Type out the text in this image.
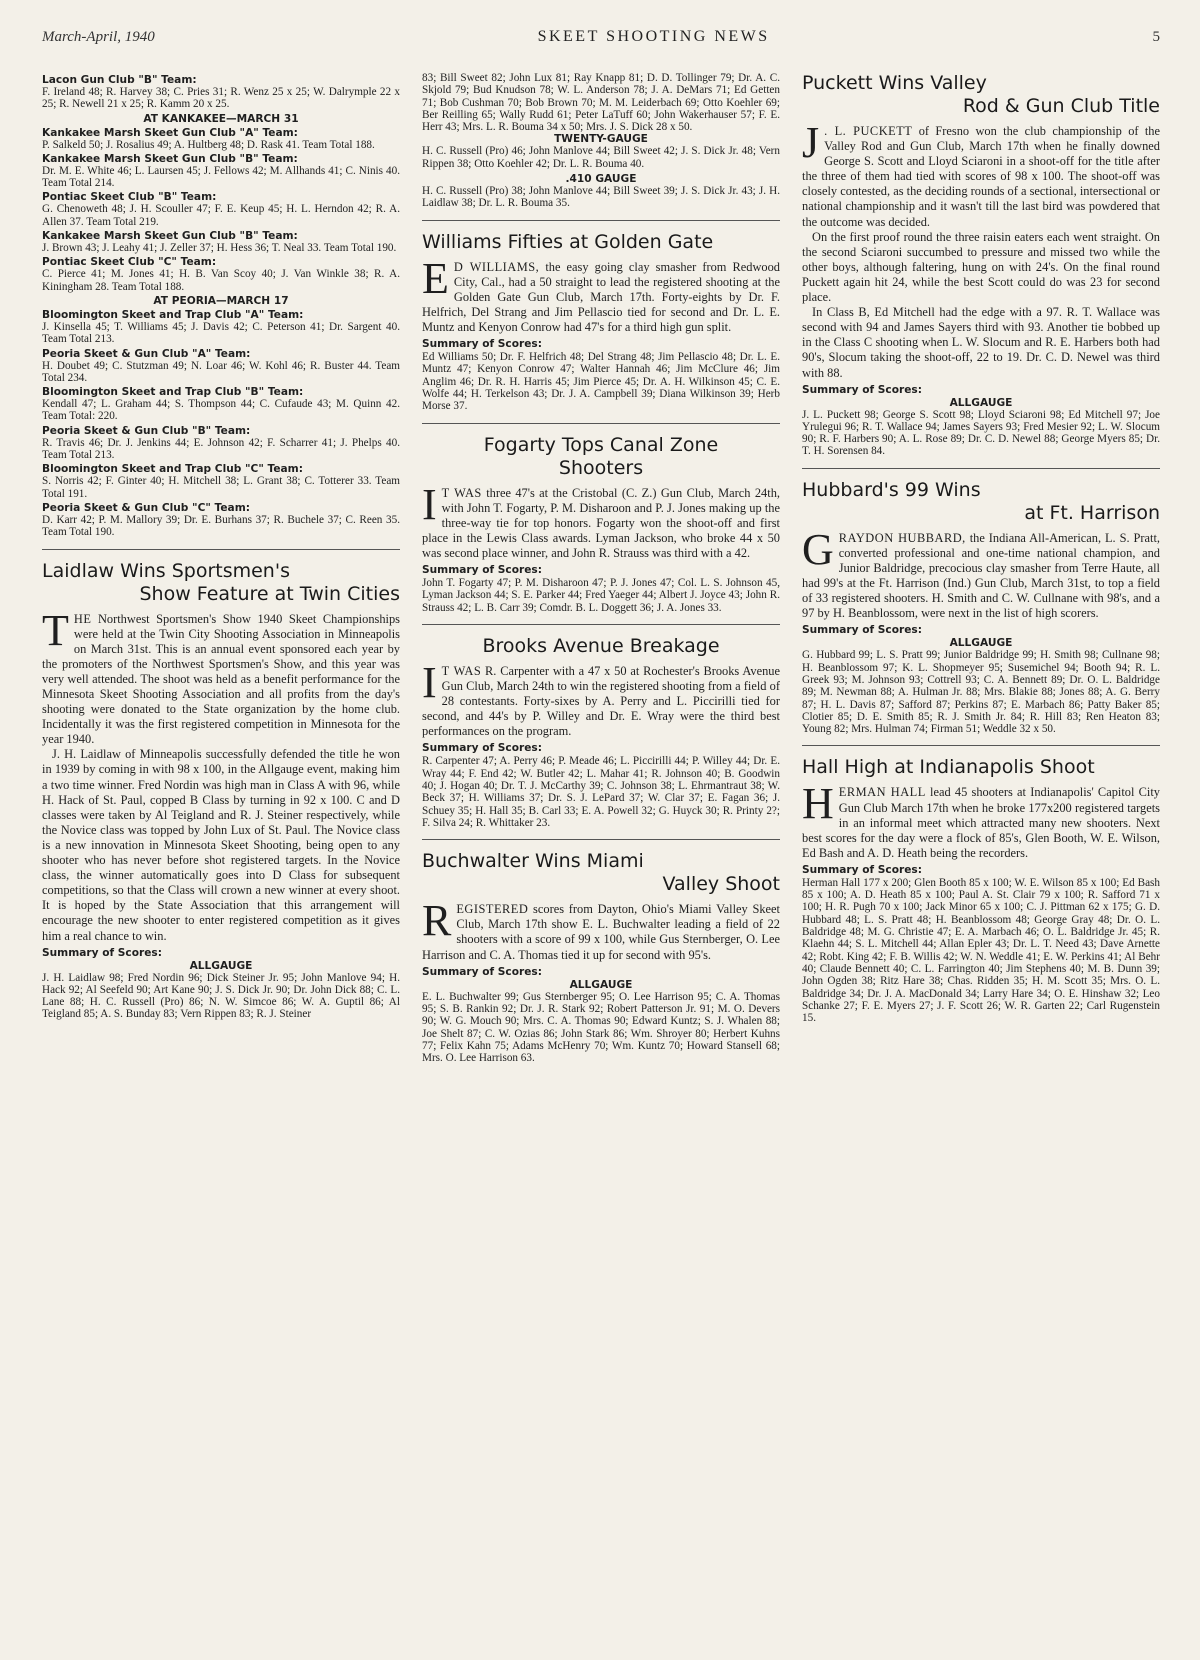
March-April, 1940	SKEET SHOOTING NEWS	5
Lacon Gun Club "B" Team:
F. Ireland 48; R. Harvey 38; C. Pries 31; R. Wenz 25 x 25; W. Dalrymple 22 x 25; R. Newell 21 x 25; R. Kamm 20 x 25.
AT KANKAKEE—MARCH 31
Kankakee Marsh Skeet Gun Club "A" Team:
P. Salkeld 50; J. Rosalius 49; A. Hultberg 48; D. Rask 41. Team Total 188.
Kankakee Marsh Skeet Gun Club "B" Team:
Dr. M. E. White 46; L. Laursen 45; J. Fellows 42; M. Allhands 41; C. Ninis 40. Team Total 214.
Pontiac Skeet Club "B" Team:
G. Chenoweth 48; J. H. Scouller 47; F. E. Keup 45; H. L. Herndon 42; R. A. Allen 37. Team Total 219.
Kankakee Marsh Skeet Gun Club "B" Team:
J. Brown 43; J. Leahy 41; J. Zeller 37; H. Hess 36; T. Neal 33. Team Total 190.
Pontiac Skeet Club "C" Team:
C. Pierce 41; M. Jones 41; H. B. Van Scoy 40; J. Van Winkle 38; R. A. Kiningham 28. Team Total 188.
AT PEORIA—MARCH 17
Bloomington Skeet and Trap Club "A" Team:
J. Kinsella 45; T. Williams 45; J. Davis 42; C. Peterson 41; Dr. Sargent 40. Team Total 213.
Peoria Skeet & Gun Club "A" Team:
H. Doubet 49; C. Stutzman 49; N. Loar 46; W. Kohl 46; R. Buster 44. Team Total 234.
Bloomington Skeet and Trap Club "B" Team:
Kendall 47; L. Graham 44; S. Thompson 44; C. Cufaude 43; M. Quinn 42. Team Total: 220.
Peoria Skeet & Gun Club "B" Team:
R. Travis 46; Dr. J. Jenkins 44; E. Johnson 42; F. Scharrer 41; J. Phelps 40. Team Total 213.
Bloomington Skeet and Trap Club "C" Team:
S. Norris 42; F. Ginter 40; H. Mitchell 38; L. Grant 38; C. Totterer 33. Team Total 191.
Peoria Skeet & Gun Club "C" Team:
D. Karr 42; P. M. Mallory 39; Dr. E. Burhans 37; R. Buchele 37; C. Reen 35. Team Total 190.
Laidlaw Wins Sportsmen's
Show Feature at Twin Cities

THE Northwest Sportsmen's Show 1940 Skeet Championships were held at the Twin City Shooting Association in Minneapolis on March 31st. This is an annual event sponsored each year by the promoters of the Northwest Sportsmen's Show, and this year was very well attended. The shoot was held as a benefit performance for the Minnesota Skeet Shooting Association and all profits from the day's shooting were donated to the State organization by the home club. Incidentally it was the first registered competition in Minnesota for the year 1940.

J. H. Laidlaw of Minneapolis successfully defended the title he won in 1939 by coming in with 98 x 100, in the Allgauge event, making him a two time winner. Fred Nordin was high man in Class A with 96, while H. Hack of St. Paul, copped B Class by turning in 92 x 100. C and D classes were taken by Al Teigland and R. J. Steiner respectively, while the Novice class was topped by John Lux of St. Paul. The Novice class is a new innovation in Minnesota Skeet Shooting, being open to any shooter who has never before shot registered targets. In the Novice class, the winner automatically goes into D Class for subsequent competitions, so that the Class will crown a new winner at every shoot. It is hoped by the State Association that this arrangement will encourage the new shooter to enter registered competition as it gives him a real chance to win.

Summary of Scores:
ALLGAUGE
J. H. Laidlaw 98; Fred Nordin 96; Dick Steiner Jr. 95; John Manlove 94; H. Hack 92; Al Seefeld 90; Art Kane 90; J. S. Dick Jr. 90; Dr. John Dick 88; C. L. Lane 88; H. C. Russell (Pro) 86; N. W. Simcoe 86; W. A. Guptil 86; Al Teigland 85; A. S. Bunday 83; Vern Rippen 83; R. J. Steiner
83; Bill Sweet 82; John Lux 81; Ray Knapp 81; D. D. Tollinger 79; Dr. A. C. Skjold 79; Bud Knudson 78; W. L. Anderson 78; J. A. DeMars 71; Ed Getten 71; Bob Cushman 70; Bob Brown 70; M. M. Leiderbach 69; Otto Koehler 69; Ber Reilling 65; Wally Rudd 61; Peter LaTuff 60; John Wakerhauser 57; F. E. Herr 43; Mrs. L. R. Bouma 34 x 50; Mrs. J. S. Dick 28 x 50.
TWENTY-GAUGE
H. C. Russell (Pro) 46; John Manlove 44; Bill Sweet 42; J. S. Dick Jr. 48; Vern Rippen 38; Otto Koehler 42; Dr. L. R. Bouma 40.
.410 GAUGE
H. C. Russell (Pro) 38; John Manlove 44; Bill Sweet 39; J. S. Dick Jr. 43; J. H. Laidlaw 38; Dr. L. R. Bouma 35.
Williams Fifties at Golden Gate

E D WILLIAMS, the easy going clay smasher from Redwood City, Cal., had a 50 straight to lead the registered shooting at the Golden Gate Gun Club, March 17th. Forty-eights by Dr. F. Helfrich, Del Strang and Jim Pellascio tied for second and Dr. L. E. Muntz and Kenyon Conrow had 47's for a third high gun split.

Summary of Scores:
Ed Williams 50; Dr. F. Helfrich 48; Del Strang 48; Jim Pellascio 48; Dr. L. E. Muntz 47; Kenyon Conrow 47; Walter Hannah 46; Jim McClure 46; Jim Anglim 46; Dr. R. H. Harris 45; Jim Pierce 45; Dr. A. H. Wilkinson 45; C. E. Wolfe 44; H. Terkelson 43; Dr. J. A. Campbell 39; Diana Wilkinson 39; Herb Morse 37.
Fogarty Tops Canal Zone
Shooters

I T WAS three 47's at the Cristobal (C. Z.) Gun Club, March 24th, with John T. Fogarty, P. M. Disharoon and P. J. Jones making up the three-way tie for top honors. Fogarty won the shoot-off and first place in the Lewis Class awards. Lyman Jackson, who broke 44 x 50 was second place winner, and John R. Strauss was third with a 42.

Summary of Scores:
John T. Fogarty 47; P. M. Disharoon 47; P. J. Jones 47; Col. L. S. Johnson 45, Lyman Jackson 44; S. E. Parker 44; Fred Yaeger 44; Albert J. Joyce 43; John R. Strauss 42; L. B. Carr 39; Comdr. B. L. Doggett 36; J. A. Jones 33.
Brooks Avenue Breakage

I T WAS R. Carpenter with a 47 x 50 at Rochester's Brooks Avenue Gun Club, March 24th to win the registered shooting from a field of 28 contestants. Forty-sixes by A. Perry and L. Piccirilli tied for second, and 44's by P. Willey and Dr. E. Wray were the third best performances on the program.

Summary of Scores:
R. Carpenter 47; A. Perry 46; P. Meade 46; L. Piccirilli 44; P. Willey 44; Dr. E. Wray 44; F. End 42; W. Butler 42; L. Mahar 41; R. Johnson 40; B. Goodwin 40; J. Hogan 40; Dr. T. J. McCarthy 39; C. Johnson 38; L. Ehrmantraut 38; W. Beck 37; H. Williams 37; Dr. S. J. LePard 37; W. Clar 37; E. Fagan 36; J. Schuey 35; H. Hall 35; B. Carl 33; E. A. Powell 32; G. Huyck 30; R. Printy 2?; F. Silva 24; R. Whittaker 23.
Buchwalter Wins Miami
Valley Shoot

REGISTERED scores from Dayton, Ohio's Miami Valley Skeet Club, March 17th show E. L. Buchwalter leading a field of 22 shooters with a score of 99 x 100, while Gus Sternberger, O. Lee Harrison and C. A. Thomas tied it up for second with 95's.

Summary of Scores:
ALLGAUGE
E. L. Buchwalter 99; Gus Sternberger 95; O. Lee Harrison 95; C. A. Thomas 95; S. B. Rankin 92; Dr. J. R. Stark 92; Robert Patterson Jr. 91; M. O. Devers 90; W. G. Mouch 90; Mrs. C. A. Thomas 90; Edward Kuntz; S. J. Whalen 88; Joe Shelt 87; C. W. Ozias 86; John Stark 86; Wm. Shroyer 80; Herbert Kuhns 77; Felix Kahn 75; Adams McHenry 70; Wm. Kuntz 70; Howard Stansell 68; Mrs. O. Lee Harrison 63.
Puckett Wins Valley
Rod & Gun Club Title

J . L. PUCKETT of Fresno won the club championship of the Valley Rod and Gun Club, March 17th when he finally downed George S. Scott and Lloyd Sciaroni in a shoot-off for the title after the three of them had tied with scores of 98 x 100. The shoot-off was closely contested, as the deciding rounds of a sectional, intersectional or national championship and it wasn't till the last bird was powdered that the outcome was decided.

On the first proof round the three raisin eaters each went straight. On the second Sciaroni succumbed to pressure and missed two while the other boys, although faltering, hung on with 24's. On the final round Puckett again hit 24, while the best Scott could do was 23 for second place.

In Class B, Ed Mitchell had the edge with a 97. R. T. Wallace was second with 94 and James Sayers third with 93. Another tie bobbed up in the Class C shooting when L. W. Slocum and R. E. Harbers both had 90's, Slocum taking the shoot-off, 22 to 19. Dr. C. D. Newel was third with 88.

Summary of Scores:
ALLGAUGE
J. L. Puckett 98; George S. Scott 98; Lloyd Sciaroni 98; Ed Mitchell 97; Joe Yrulegui 96; R. T. Wallace 94; James Sayers 93; Fred Mesier 92; L. W. Slocum 90; R. F. Harbers 90; A. L. Rose 89; Dr. C. D. Newel 88; George Myers 85; Dr. T. H. Sorensen 84.
Hubbard's 99 Wins
at Ft. Harrison

GRAYDON HUBBARD, the Indiana All-American, L. S. Pratt, converted professional and one-time national champion, and Junior Baldridge, precocious clay smasher from Terre Haute, all had 99's at the Ft. Harrison (Ind.) Gun Club, March 31st, to top a field of 33 registered shooters. H. Smith and C. W. Cullnane with 98's, and a 97 by H. Beanblossom, were next in the list of high scorers.

Summary of Scores:
ALLGAUGE
G. Hubbard 99; L. S. Pratt 99; Junior Baldridge 99; H. Smith 98; Cullnane 98; H. Beanblossom 97; K. L. Shopmeyer 95; Susemichel 94; Booth 94; R. L. Greek 93; M. Johnson 93; Cottrell 93; C. A. Bennett 89; Dr. O. L. Baldridge 89; M. Newman 88; A. Hulman Jr. 88; Mrs. Blakie 88; Jones 88; A. G. Berry 87; H. L. Davis 87; Safford 87; Perkins 87; E. Marbach 86; Patty Baker 85; Clotier 85; D. E. Smith 85; R. J. Smith Jr. 84; R. Hill 83; Ren Heaton 83; Young 82; Mrs. Hulman 74; Firman 51; Weddle 32 x 50.
Hall High at Indianapolis Shoot

HERMAN HALL lead 45 shooters at Indianapolis' Capitol City Gun Club March 17th when he broke 177x200 registered targets in an informal meet which attracted many new shooters. Next best scores for the day were a flock of 85's, Glen Booth, W. E. Wilson, Ed Bash and A. D. Heath being the recorders.

Summary of Scores:
Herman Hall 177 x 200; Glen Booth 85 x 100; W. E. Wilson 85 x 100; Ed Bash 85 x 100; A. D. Heath 85 x 100; Paul A. St. Clair 79 x 100; R. Safford 71 x 100; H. R. Pugh 70 x 100; Jack Minor 65 x 100; C. J. Pittman 62 x 175; G. D. Hubbard 48; L. S. Pratt 48; H. Beanblossom 48; George Gray 48; Dr. O. L. Baldridge 48; M. G. Christie 47; E. A. Marbach 46; O. L. Baldridge Jr. 45; R. Klaehn 44; S. L. Mitchell 44; Allan Epler 43; Dr. L. T. Need 43; Dave Arnette 42; Robt. King 42; F. B. Willis 42; W. N. Weddle 41; E. W. Perkins 41; Al Behr 40; Claude Bennett 40; C. L. Farrington 40; Jim Stephens 40; M. B. Dunn 39; John Ogden 38; Ritz Hare 38; Chas. Ridden 35; H. M. Scott 35; Mrs. O. L. Baldridge 34; Dr. J. A. MacDonald 34; Larry Hare 34; O. E. Hinshaw 32; Leo Schanke 27; F. E. Myers 27; J. F. Scott 26; W. R. Garten 22; Carl Rugenstein 15.
